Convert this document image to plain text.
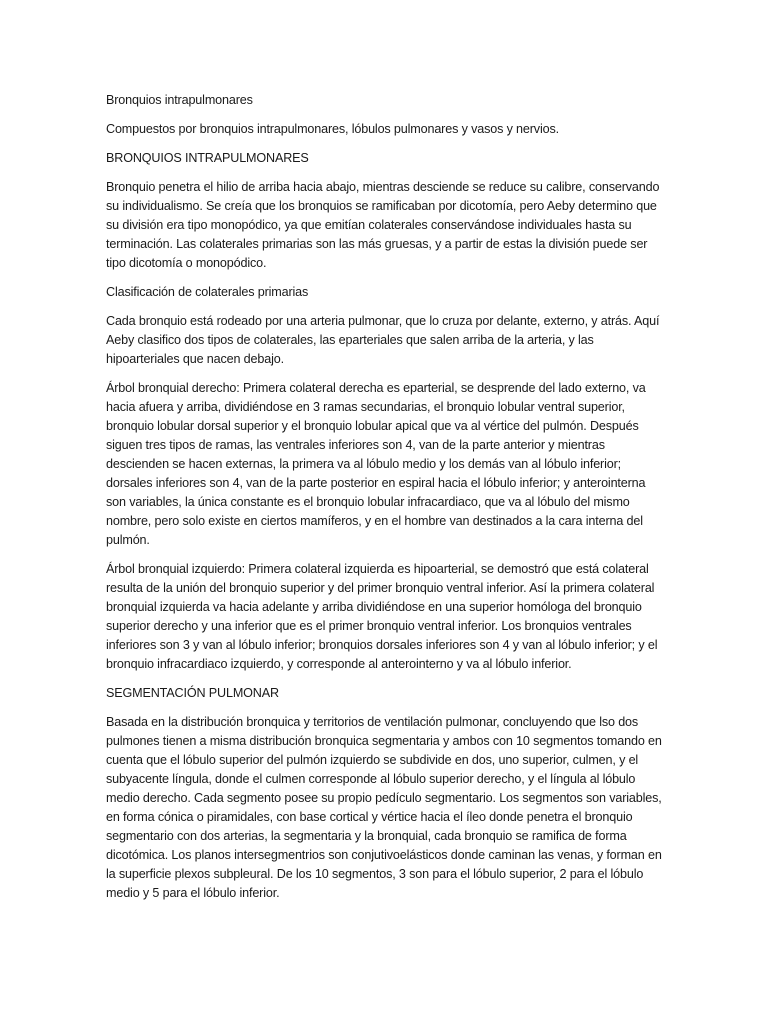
Bronquios intrapulmonares

Compuestos por bronquios intrapulmonares, lóbulos pulmonares y vasos y nervios.

BRONQUIOS INTRAPULMONARES

Bronquio penetra el hilio de arriba hacia abajo, mientras desciende se reduce su calibre, conservando su individualismo. Se creía que los bronquios se ramificaban por dicotomía, pero Aeby determino que su división era tipo monopódico, ya que emitían colaterales conservándose individuales hasta su terminación. Las colaterales primarias son las más gruesas, y a partir de estas la división puede ser tipo dicotomía o monopódico.

Clasificación de colaterales primarias

Cada bronquio está rodeado por una arteria pulmonar, que lo cruza por delante, externo, y atrás. Aquí Aeby clasifico dos tipos de colaterales, las eparteriales que salen arriba de la arteria, y las hipoarteriales que nacen debajo.

Árbol bronquial derecho: Primera colateral derecha es eparterial, se desprende del lado externo, va hacia afuera y arriba, dividiéndose en 3 ramas secundarias, el bronquio lobular ventral superior, bronquio lobular dorsal superior y el bronquio lobular apical que va al vértice del pulmón. Después siguen tres tipos de ramas, las ventrales inferiores son 4, van de la parte anterior y mientras descienden se hacen externas, la primera va al lóbulo medio y los demás van al lóbulo inferior; dorsales inferiores son 4, van de la parte posterior en espiral hacia el lóbulo inferior; y anterointerna son variables, la única constante es el bronquio lobular infracardiaco, que va al lóbulo del mismo nombre, pero solo existe en ciertos mamíferos, y en el hombre van destinados a la cara interna del pulmón.

Árbol bronquial izquierdo: Primera colateral izquierda es hipoarterial, se demostró que está colateral resulta de la unión del bronquio superior y del primer bronquio ventral inferior. Así la primera colateral bronquial izquierda va hacia adelante y arriba dividiéndose en una superior homóloga del bronquio superior derecho y una inferior que es el primer bronquio ventral inferior. Los bronquios ventrales inferiores son 3 y van al lóbulo inferior; bronquios dorsales inferiores son 4 y van al lóbulo inferior; y el bronquio infracardiaco izquierdo, y corresponde al anterointerno y va al lóbulo inferior.

SEGMENTACIÓN PULMONAR

Basada en la distribución bronquica y territorios de ventilación pulmonar, concluyendo que lso dos pulmones tienen a misma distribución bronquica segmentaria y ambos con 10 segmentos tomando en cuenta que el lóbulo superior del pulmón izquierdo se subdivide en dos, uno superior, culmen, y el subyacente língula, donde el culmen corresponde al lóbulo superior derecho, y el língula al lóbulo medio derecho. Cada segmento posee su propio pedículo segmentario. Los segmentos son variables, en forma cónica o piramidales, con base cortical y vértice hacia el íleo donde penetra el bronquio segmentario con dos arterias, la segmentaria y la bronquial, cada bronquio se ramifica de forma dicotómica. Los planos intersegmentrios son conjutivoelásticos donde caminan las venas, y forman en la superficie plexos subpleural. De los 10 segmentos, 3 son para el lóbulo superior, 2 para el lóbulo medio y 5 para el lóbulo inferior.
